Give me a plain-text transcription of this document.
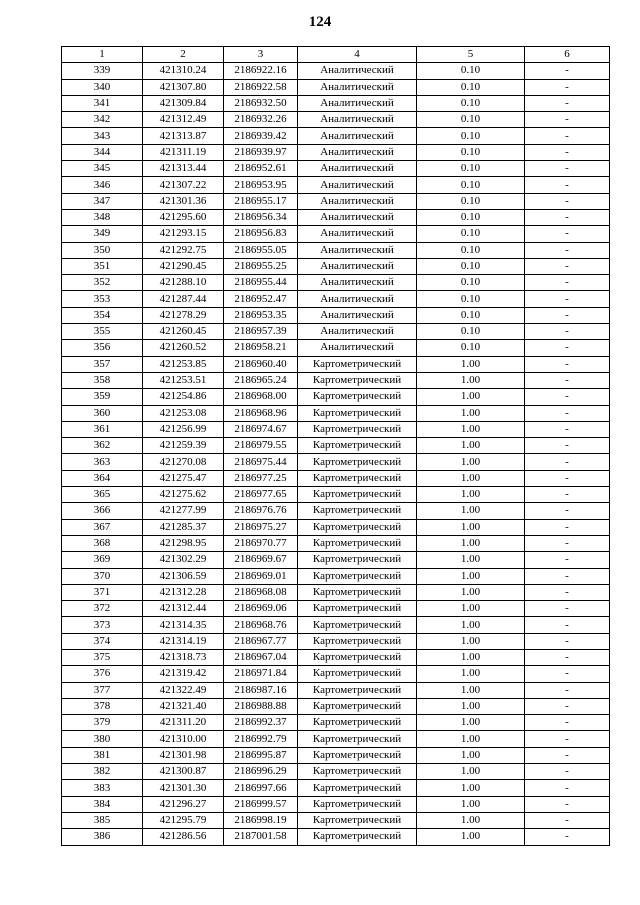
124
1	2	3	4	5	6
339	421310.24	2186922.16	Аналитический	0.10	-
340	421307.80	2186922.58	Аналитический	0.10	-
341	421309.84	2186932.50	Аналитический	0.10	-
342	421312.49	2186932.26	Аналитический	0.10	-
343	421313.87	2186939.42	Аналитический	0.10	-
344	421311.19	2186939.97	Аналитический	0.10	-
345	421313.44	2186952.61	Аналитический	0.10	-
346	421307.22	2186953.95	Аналитический	0.10	-
347	421301.36	2186955.17	Аналитический	0.10	-
348	421295.60	2186956.34	Аналитический	0.10	-
349	421293.15	2186956.83	Аналитический	0.10	-
350	421292.75	2186955.05	Аналитический	0.10	-
351	421290.45	2186955.25	Аналитический	0.10	-
352	421288.10	2186955.44	Аналитический	0.10	-
353	421287.44	2186952.47	Аналитический	0.10	-
354	421278.29	2186953.35	Аналитический	0.10	-
355	421260.45	2186957.39	Аналитический	0.10	-
356	421260.52	2186958.21	Аналитический	0.10	-
357	421253.85	2186960.40	Картометрический	1.00	-
358	421253.51	2186965.24	Картометрический	1.00	-
359	421254.86	2186968.00	Картометрический	1.00	-
360	421253.08	2186968.96	Картометрический	1.00	-
361	421256.99	2186974.67	Картометрический	1.00	-
362	421259.39	2186979.55	Картометрический	1.00	-
363	421270.08	2186975.44	Картометрический	1.00	-
364	421275.47	2186977.25	Картометрический	1.00	-
365	421275.62	2186977.65	Картометрический	1.00	-
366	421277.99	2186976.76	Картометрический	1.00	-
367	421285.37	2186975.27	Картометрический	1.00	-
368	421298.95	2186970.77	Картометрический	1.00	-
369	421302.29	2186969.67	Картометрический	1.00	-
370	421306.59	2186969.01	Картометрический	1.00	-
371	421312.28	2186968.08	Картометрический	1.00	-
372	421312.44	2186969.06	Картометрический	1.00	-
373	421314.35	2186968.76	Картометрический	1.00	-
374	421314.19	2186967.77	Картометрический	1.00	-
375	421318.73	2186967.04	Картометрический	1.00	-
376	421319.42	2186971.84	Картометрический	1.00	-
377	421322.49	2186987.16	Картометрический	1.00	-
378	421321.40	2186988.88	Картометрический	1.00	-
379	421311.20	2186992.37	Картометрический	1.00	-
380	421310.00	2186992.79	Картометрический	1.00	-
381	421301.98	2186995.87	Картометрический	1.00	-
382	421300.87	2186996.29	Картометрический	1.00	-
383	421301.30	2186997.66	Картометрический	1.00	-
384	421296.27	2186999.57	Картометрический	1.00	-
385	421295.79	2186998.19	Картометрический	1.00	-
386	421286.56	2187001.58	Картометрический	1.00	-
